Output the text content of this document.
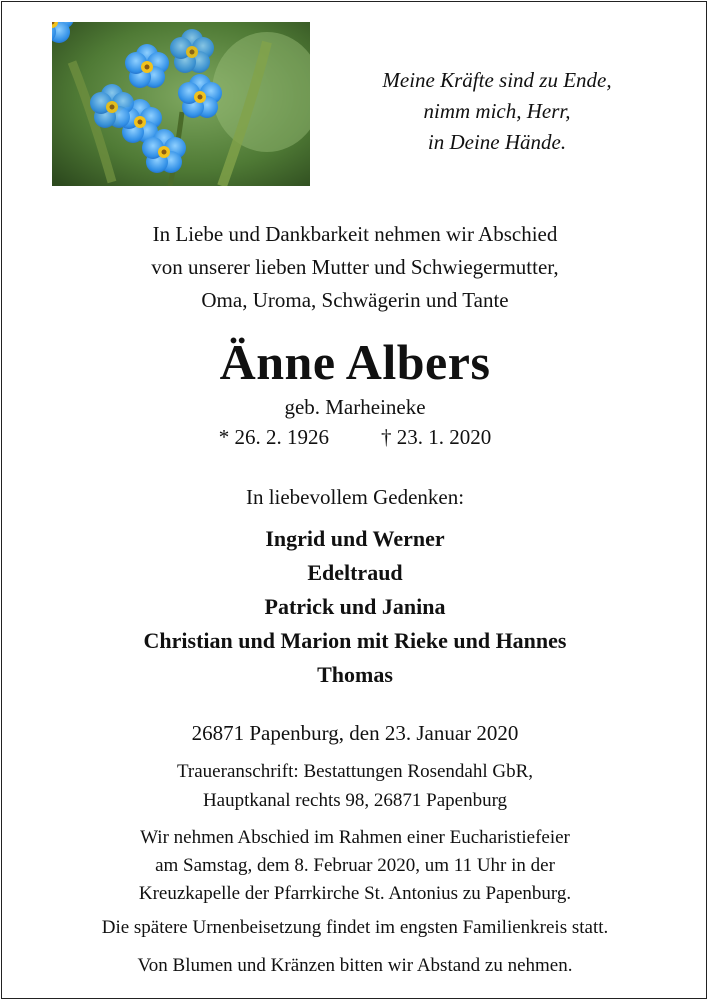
Meine Kräfte sind zu Ende,
nimm mich, Herr,
in Deine Hände.
In Liebe und Dankbarkeit nehmen wir Abschied
von unserer lieben Mutter und Schwiegermutter,
Oma, Uroma, Schwägerin und Tante
Änne Albers
geb. Marheineke
* 26. 2. 1926 † 23. 1. 2020
In liebevollem Gedenken:
Ingrid und Werner
Edeltraud
Patrick und Janina
Christian und Marion mit Rieke und Hannes
Thomas
26871 Papenburg, den 23. Januar 2020
Traueranschrift: Bestattungen Rosendahl GbR,
Hauptkanal rechts 98, 26871 Papenburg
Wir nehmen Abschied im Rahmen einer Eucharistiefeier
am Samstag, dem 8. Februar 2020, um 11 Uhr in der
Kreuzkapelle der Pfarrkirche St. Antonius zu Papenburg.
Die spätere Urnenbeisetzung findet im engsten Familienkreis statt.
Von Blumen und Kränzen bitten wir Abstand zu nehmen.
